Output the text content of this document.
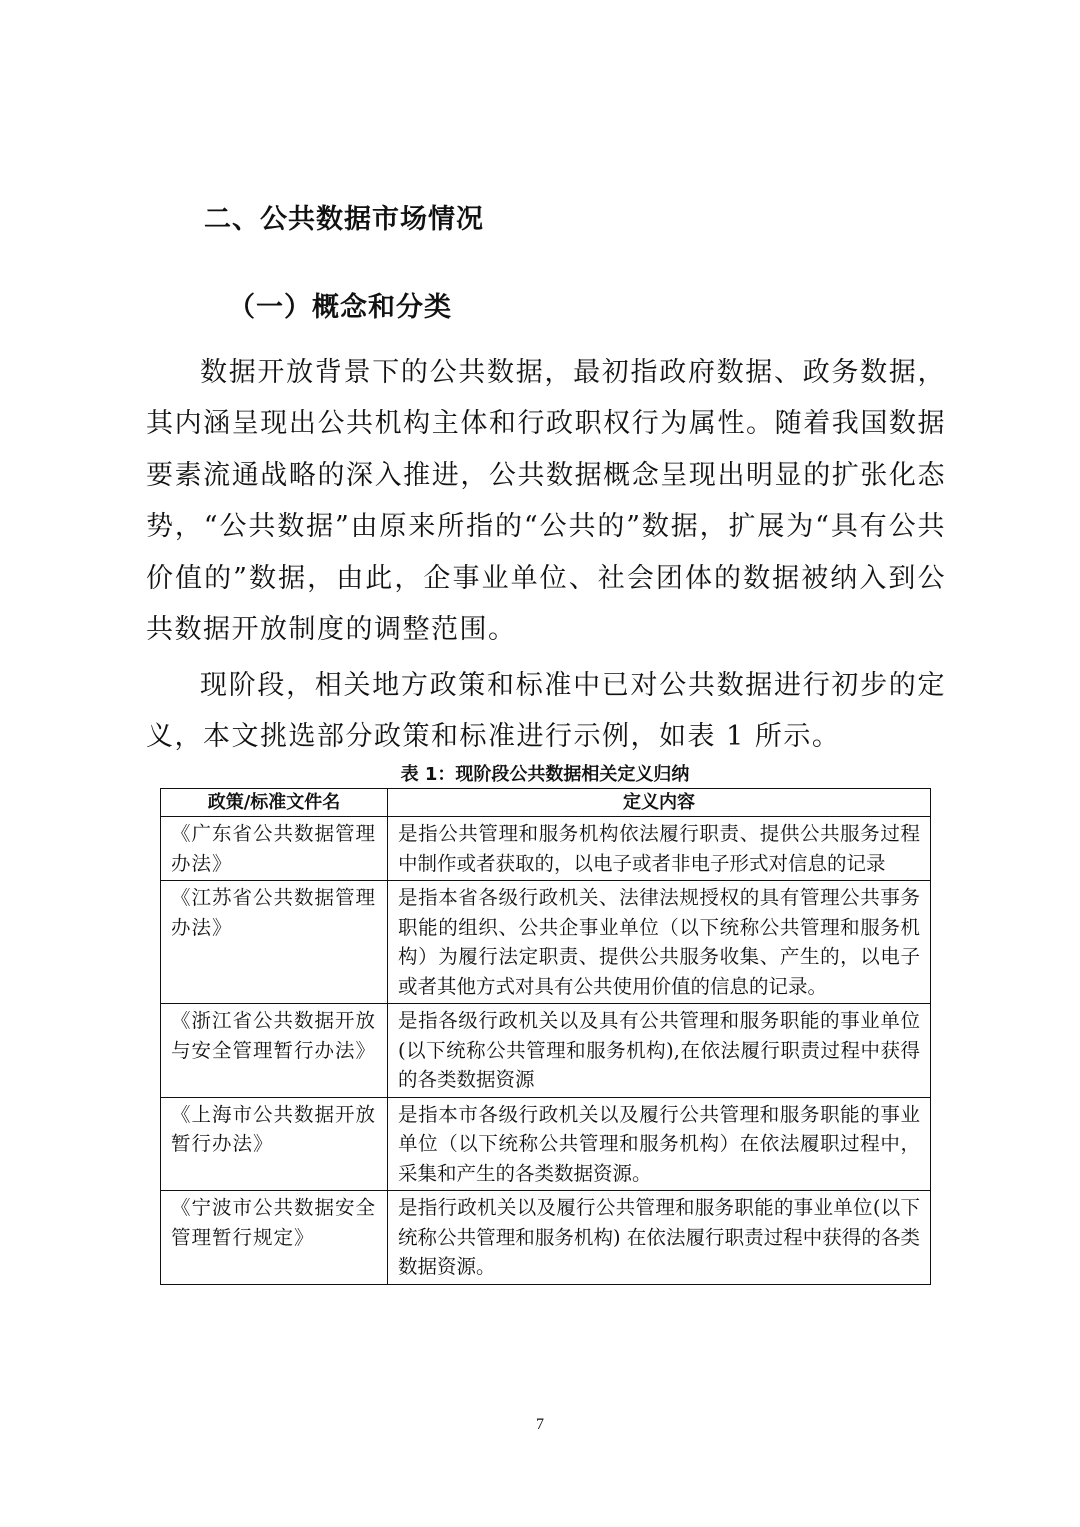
二、公共数据市场情况
（一）概念和分类

数据开放背景下的公共数据，最初指政府数据、政务数据，其内涵呈现出公共机构主体和行政职权行为属性。随着我国数据要素流通战略的深入推进，公共数据概念呈现出明显的扩张化态势，“公共数据”由原来所指的“公共的”数据，扩展为“具有公共价值的”数据，由此，企事业单位、社会团体的数据被纳入到公共数据开放制度的调整范围。

现阶段，相关地方政策和标准中已对公共数据进行初步的定义，本文挑选部分政策和标准进行示例，如表 1 所示。

表 1：现阶段公共数据相关定义归纳

政策/标准文件名	定义内容
《广东省公共数据管理办法》	是指公共管理和服务机构依法履行职责、提供公共服务过程中制作或者获取的，以电子或者非电子形式对信息的记录
《江苏省公共数据管理办法》	是指本省各级行政机关、法律法规授权的具有管理公共事务职能的组织、公共企事业单位（以下统称公共管理和服务机构）为履行法定职责、提供公共服务收集、产生的，以电子或者其他方式对具有公共使用价值的信息的记录。
《浙江省公共数据开放与安全管理暂行办法》	是指各级行政机关以及具有公共管理和服务职能的事业单位(以下统称公共管理和服务机构),在依法履行职责过程中获得的各类数据资源
《上海市公共数据开放暂行办法》	是指本市各级行政机关以及履行公共管理和服务职能的事业单位（以下统称公共管理和服务机构）在依法履职过程中，采集和产生的各类数据资源。
《宁波市公共数据安全管理暂行规定》	是指行政机关以及履行公共管理和服务职能的事业单位(以下统称公共管理和服务机构) 在依法履行职责过程中获得的各类数据资源。

7
